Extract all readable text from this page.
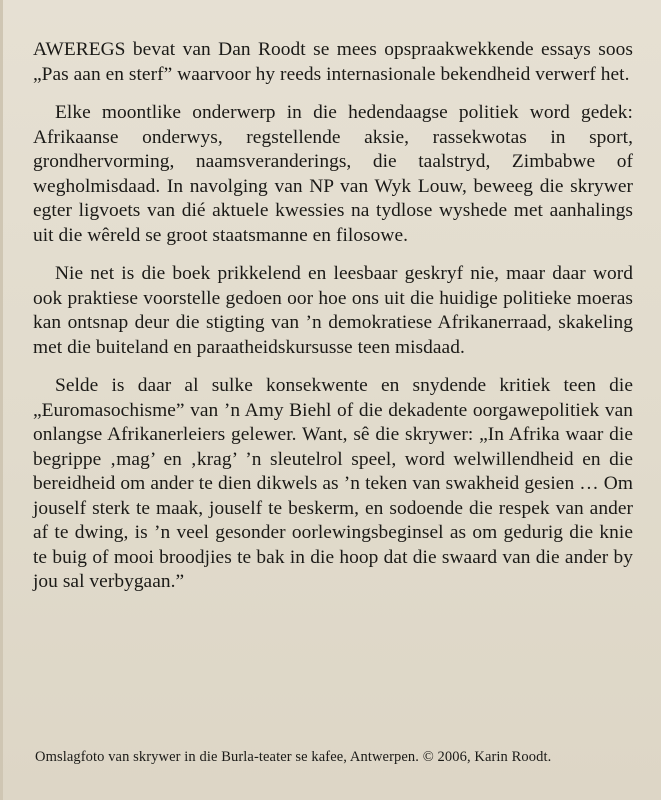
AWEREGS bevat van Dan Roodt se mees opspraakwekkende essays soos „Pas aan en sterf” waarvoor hy reeds internasionale bekendheid verwerf het.

Elke moontlike onderwerp in die hedendaagse politiek word gedek: Afrikaanse onderwys, regstellende aksie, rassekwotas in sport, grondhervorming, naamsveranderings, die taalstryd, Zimbabwe of wegholmisdaad. In navolging van NP van Wyk Louw, beweeg die skrywer egter ligvoets van dié aktuele kwessies na tydlose wyshede met aanhalings uit die wêreld se groot staatsmanne en filosowe.

Nie net is die boek prikkelend en leesbaar geskryf nie, maar daar word ook praktiese voorstelle gedoen oor hoe ons uit die huidige politieke moeras kan ontsnap deur die stigting van ’n demokratiese Afrikanerraad, skakeling met die buiteland en paraatheidskursusse teen misdaad.

Selde is daar al sulke konsekwente en snydende kritiek teen die „Euromasochisme” van ’n Amy Biehl of die dekadente oorgawepolitiek van onlangse Afrikanerleiers gelewer. Want, sê die skrywer: „In Afrika waar die begrippe ‚mag’ en ‚krag’ ’n sleutelrol speel, word welwillendheid en die bereidheid om ander te dien dikwels as ’n teken van swakheid gesien … Om jouself sterk te maak, jouself te beskerm, en sodoende die respek van ander af te dwing, is ’n veel gesonder oorlewingsbeginsel as om gedurig die knie te buig of mooi broodjies te bak in die hoop dat die swaard van die ander by jou sal verbygaan.”

Omslagfoto van skrywer in die Burla-teater se kafee, Antwerpen. © 2006, Karin Roodt.
